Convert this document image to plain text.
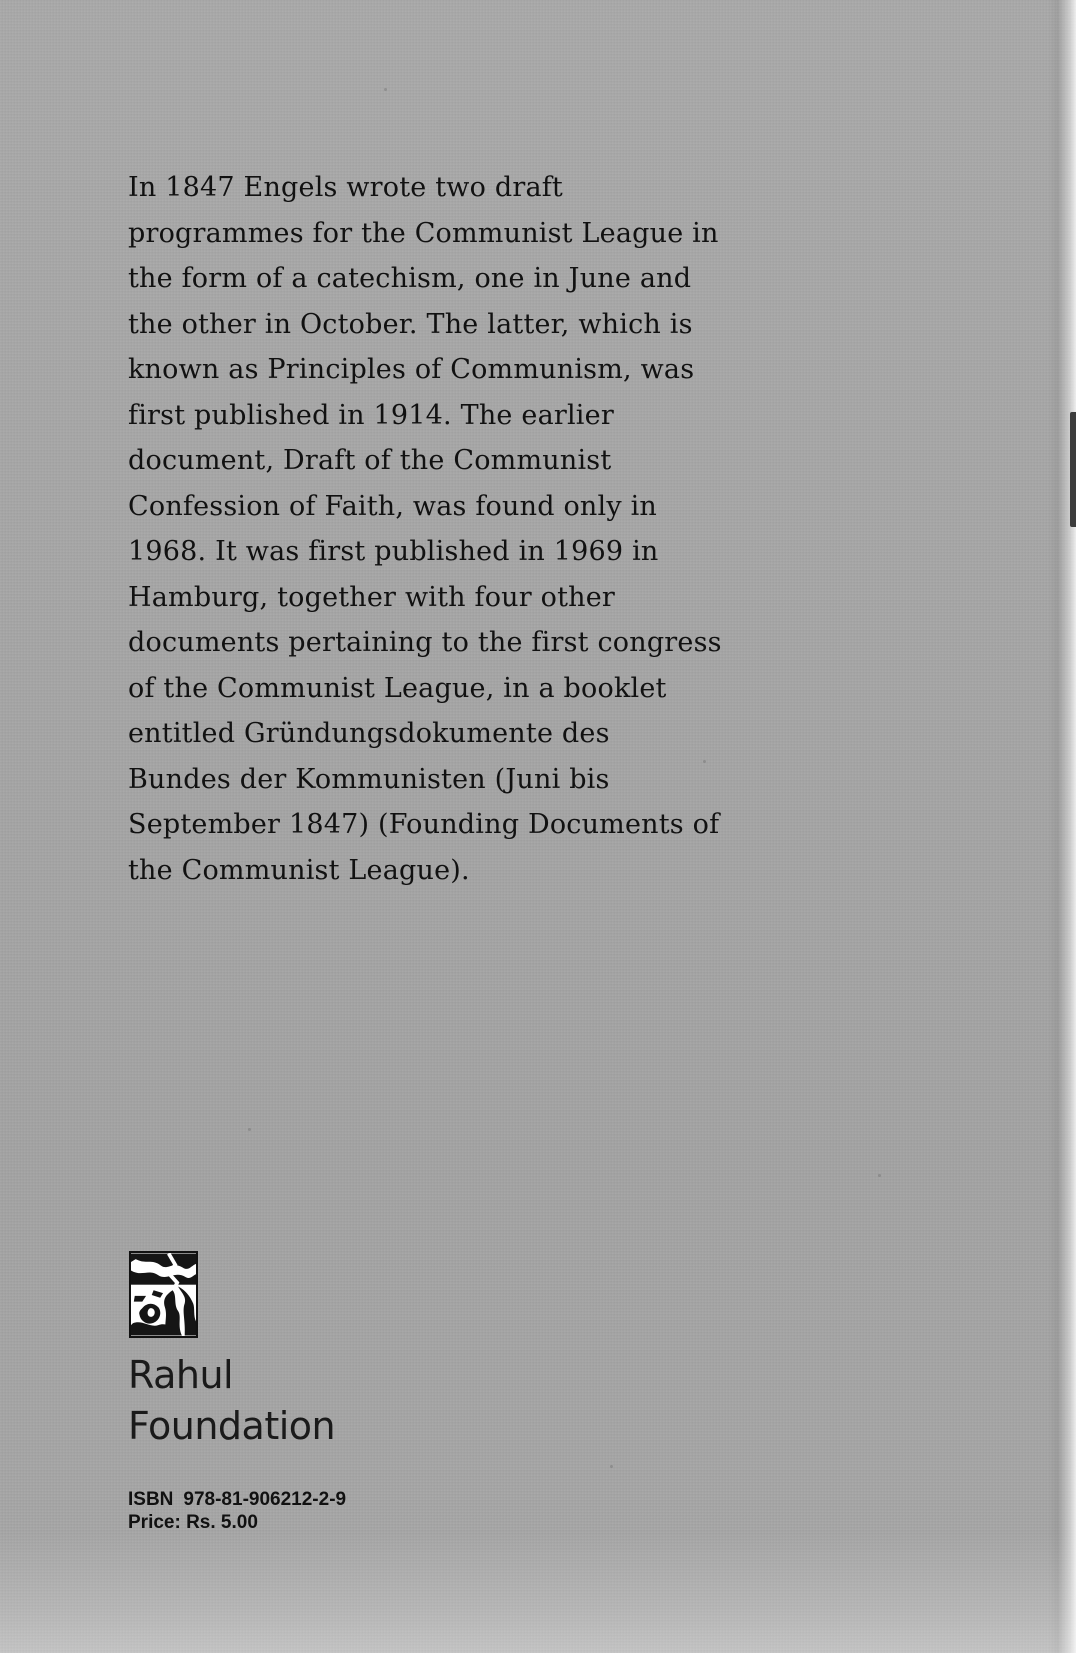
In 1847 Engels wrote two draft
programmes for the Communist League in
the form of a catechism, one in June and
the other in October. The latter, which is
known as Principles of Communism, was
first published in 1914. The earlier
document, Draft of the Communist
Confession of Faith, was found only in
1968. It was first published in 1969 in
Hamburg, together with four other
documents pertaining to the first congress
of the Communist League, in a booklet
entitled Gründungsdokumente des
Bundes der Kommunisten (Juni bis
September 1847) (Founding Documents of
the Communist League).

Rahul

Foundation

ISBN 978-81-906212-2-9

Price: Rs. 5.00
